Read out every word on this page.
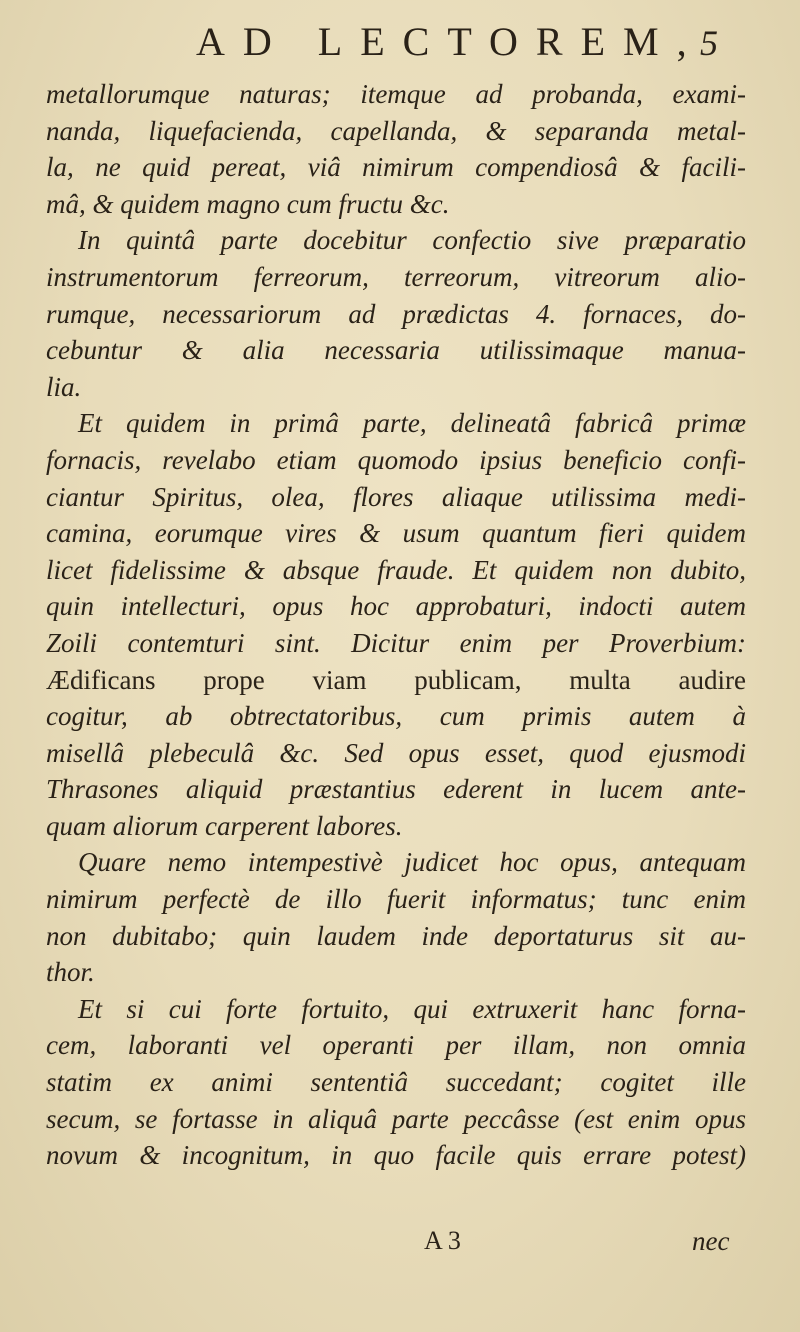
AD LECTOREM,
5
metallorumque naturas; itemque ad probanda, exami-
nanda, liquefacienda, capellanda, & separanda metal-
la, ne quid pereat, viâ nimirum compendiosâ & facili-
mâ, & quidem magno cum fructu &c.
In quintâ parte docebitur confectio sive præparatio
instrumentorum ferreorum, terreorum, vitreorum alio-
rumque, necessariorum ad prædictas 4. fornaces, do-
cebuntur & alia necessaria utilissimaque manua-
lia.
Et quidem in primâ parte, delineatâ fabricâ primæ
fornacis, revelabo etiam quomodo ipsius beneficio confi-
ciantur Spiritus, olea, flores aliaque utilissima medi-
camina, eorumque vires & usum quantum fieri quidem
licet fidelissime & absque fraude. Et quidem non dubito,
quin intellecturi, opus hoc approbaturi, indocti autem
Zoili contemturi sint. Dicitur enim per Proverbium:
Ædificans prope viam publicam, multa audire
cogitur, ab obtrectatoribus, cum primis autem à
misellâ plebeculâ &c. Sed opus esset, quod ejusmodi
Thrasones aliquid præstantius ederent in lucem ante-
quam aliorum carperent labores.
Quare nemo intempestivè judicet hoc opus, antequam
nimirum perfectè de illo fuerit informatus; tunc enim
non dubitabo; quin laudem inde deportaturus sit au-
thor.
Et si cui forte fortuito, qui extruxerit hanc forna-
cem, laboranti vel operanti per illam, non omnia
statim ex animi sententiâ succedant; cogitet ille
secum, se fortasse in aliquâ parte peccâsse (est enim opus
novum & incognitum, in quo facile quis errare potest)
A 3	nec
